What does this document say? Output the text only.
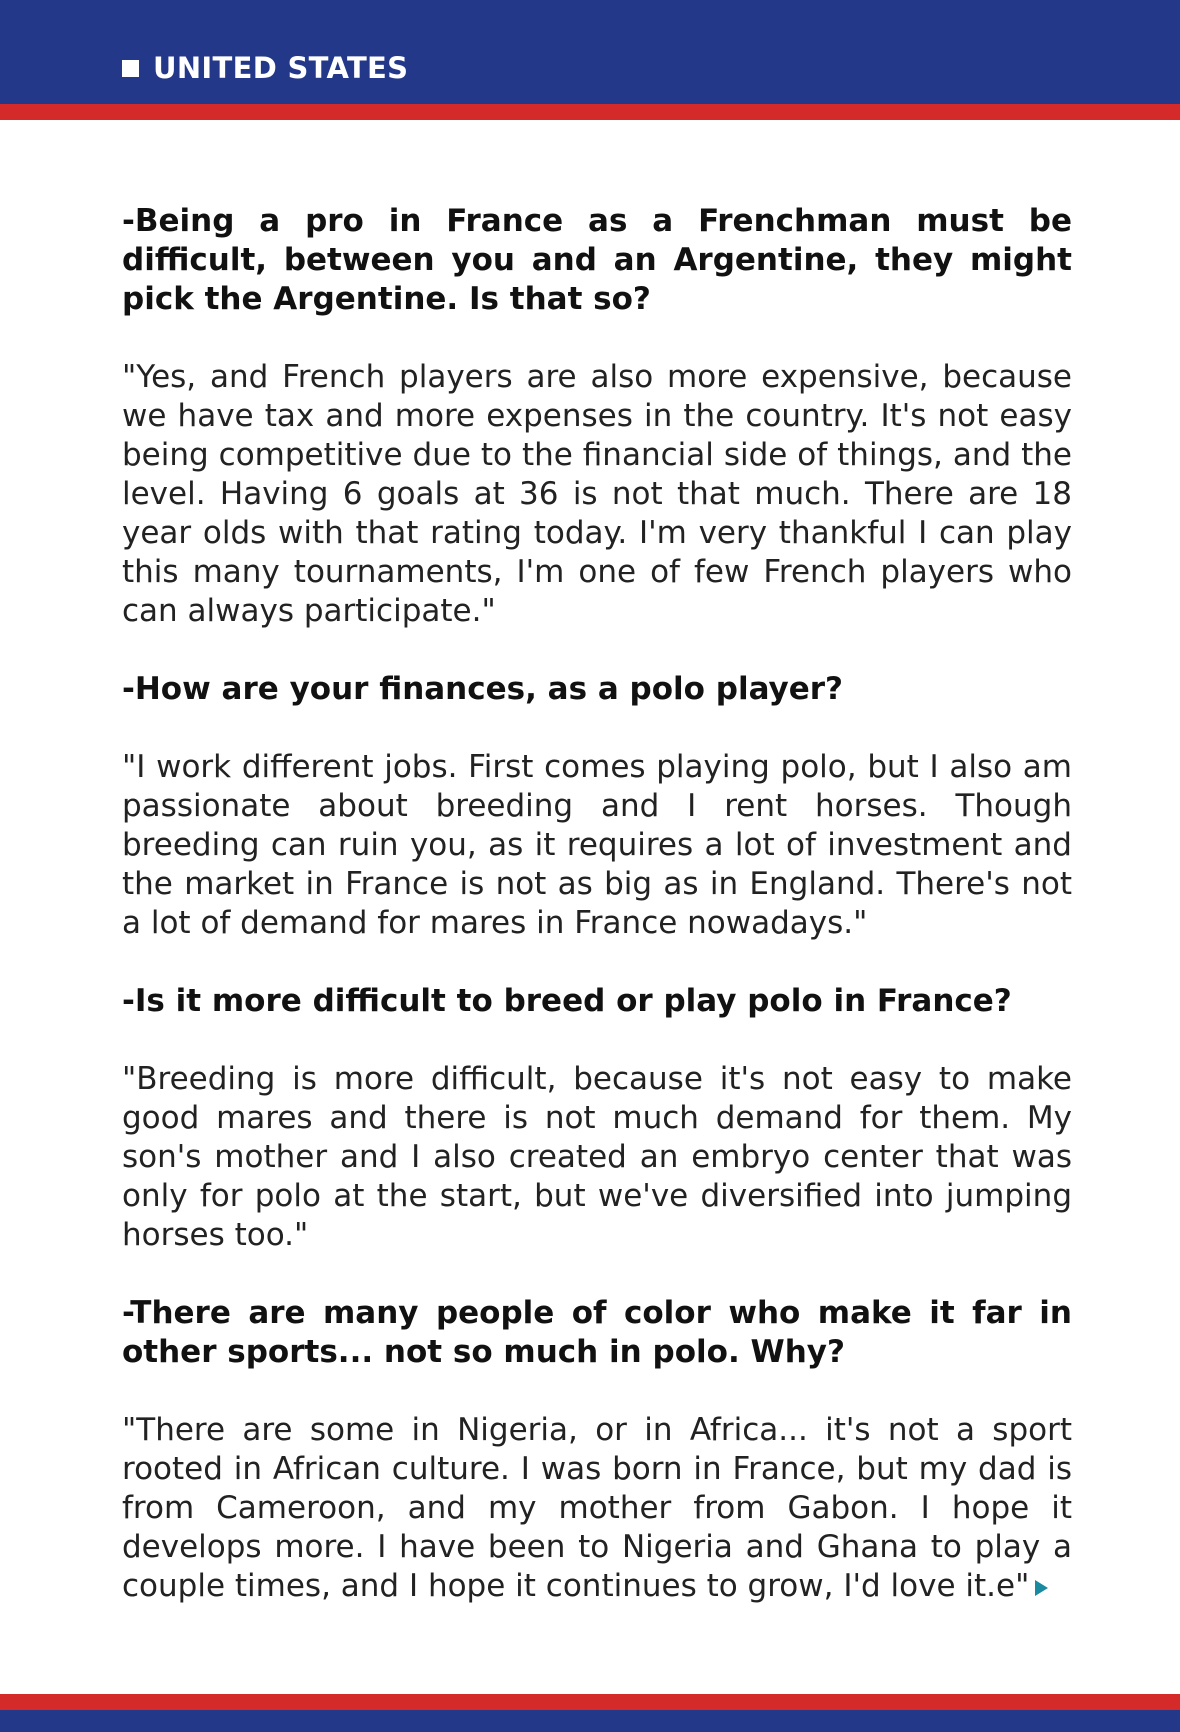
UNITED STATES

-Being a pro in France as a Frenchman must be difficult, between you and an Argentine, they might pick the Argentine. Is that so?

"Yes, and French players are also more expensive, because we have tax and more expenses in the country. It's not easy being competitive due to the financial side of things, and the level. Having 6 goals at 36 is not that much. There are 18 year olds with that rating today. I'm very thankful I can play this many tournaments, I'm one of few French players who can always participate."

-How are your finances, as a polo player?

"I work different jobs. First comes playing polo, but I also am passionate about breeding and I rent horses. Though breeding can ruin you, as it requires a lot of investment and the market in France is not as big as in England. There's not a lot of demand for mares in France nowadays."

-Is it more difficult to breed or play polo in France?

"Breeding is more difficult, because it's not easy to make good mares and there is not much demand for them. My son's mother and I also created an embryo center that was only for polo at the start, but we've diversified into jumping horses too."

-There are many people of color who make it far in other sports... not so much in polo. Why?

"There are some in Nigeria, or in Africa... it's not a sport rooted in African culture. I was born in France, but my dad is from Cameroon, and my mother from Gabon. I hope it develops more. I have been to Nigeria and Ghana to play a couple times, and I hope it continues to grow, I'd love it.e"
